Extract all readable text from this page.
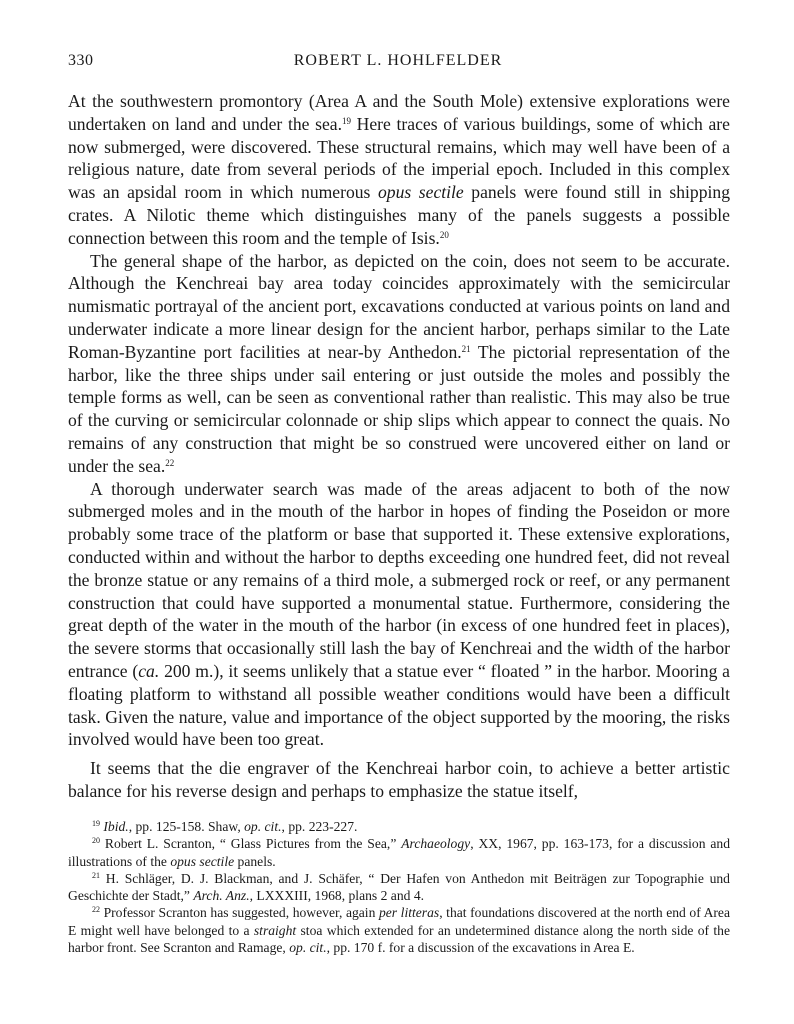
330	ROBERT L. HOHLFELDER

At the southwestern promontory (Area A and the South Mole) extensive explorations were undertaken on land and under the sea.$^{19}$ Here traces of various buildings, some of which are now submerged, were discovered. These structural remains, which may well have been of a religious nature, date from several periods of the imperial epoch. Included in this complex was an apsidal room in which numerous opus sectile panels were found still in shipping crates. A Nilotic theme which distinguishes many of the panels suggests a possible connection between this room and the temple of Isis.$^{20}$

The general shape of the harbor, as depicted on the coin, does not seem to be accurate. Although the Kenchreai bay area today coincides approximately with the semicircular numismatic portrayal of the ancient port, excavations conducted at various points on land and underwater indicate a more linear design for the ancient harbor, perhaps similar to the Late Roman-Byzantine port facilities at near-by Anthedon.$^{21}$ The pictorial representation of the harbor, like the three ships under sail entering or just outside the moles and possibly the temple forms as well, can be seen as conventional rather than realistic. This may also be true of the curving or semicircular colonnade or ship slips which appear to connect the quais. No remains of any construction that might be so construed were uncovered either on land or under the sea.$^{22}$

A thorough underwater search was made of the areas adjacent to both of the now submerged moles and in the mouth of the harbor in hopes of finding the Poseidon or more probably some trace of the platform or base that supported it. These extensive explorations, conducted within and without the harbor to depths exceeding one hundred feet, did not reveal the bronze statue or any remains of a third mole, a submerged rock or reef, or any permanent construction that could have supported a monumental statue. Furthermore, considering the great depth of the water in the mouth of the harbor (in excess of one hundred feet in places), the severe storms that occasionally still lash the bay of Kenchreai and the width of the harbor entrance (ca. 200 m.), it seems unlikely that a statue ever “ floated ” in the harbor. Mooring a floating platform to withstand all possible weather conditions would have been a difficult task. Given the nature, value and importance of the object supported by the mooring, the risks involved would have been too great.

It seems that the die engraver of the Kenchreai harbor coin, to achieve a better artistic balance for his reverse design and perhaps to emphasize the statue itself,

$^{19}$ Ibid., pp. 125-158. Shaw, op. cit., pp. 223-227.

$^{20}$ Robert L. Scranton, “ Glass Pictures from the Sea,” Archaeology, XX, 1967, pp. 163-173, for a discussion and illustrations of the opus sectile panels.

$^{21}$ H. Schläger, D. J. Blackman, and J. Schäfer, “ Der Hafen von Anthedon mit Beiträgen zur Topographie und Geschichte der Stadt,” Arch. Anz., LXXXIII, 1968, plans 2 and 4.

$^{22}$ Professor Scranton has suggested, however, again per litteras, that foundations discovered at the north end of Area E might well have belonged to a straight stoa which extended for an undetermined distance along the north side of the harbor front. See Scranton and Ramage, op. cit., pp. 170 f. for a discussion of the excavations in Area E.
